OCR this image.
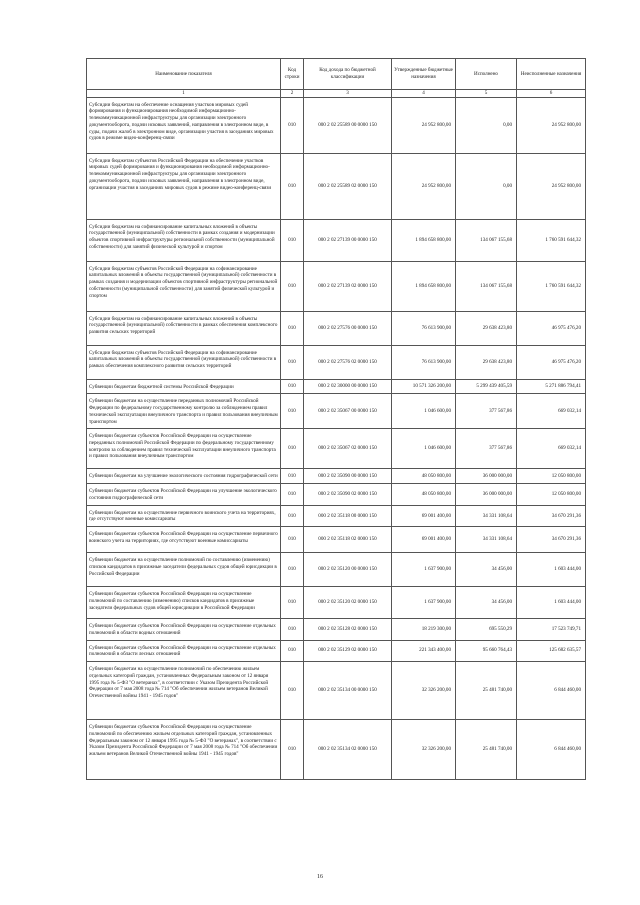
Наименование показателя	Код строки	Код дохода по бюджетной классификации	Утвержденные бюджетные назначения	Исполнено	Неисполненные назначения
1	2	3	4	5	6
Субсидии бюджетам на обеспечение оснащения участков мировых судей формирования и функционирования необходимой информационно-телекоммуникационной инфраструктуры для организации электронного документооборота, подачи исковых заявлений, направления в электронном виде, в суды, подачи жалоб в электронном виде, организации участия в заседаниях мировых судов в режиме видео-конференц-связи	010	000 2 02 25589 00 0000 150	24 952 800,00	0,00	24 952 800,00
Субсидии бюджетам субъектов Российской Федерации на обеспечение участков мировых судей формирования и функционирования необходимой информационно-телекоммуникационной инфраструктуры для организации электронного документооборота, подачи исковых заявлений, направления в электронном виде, организации участия в заседаниях мировых судов в режиме видео-конференц-связи	010	000 2 02 25589 02 0000 150	24 952 800,00	0,00	24 952 800,00
Субсидии бюджетам на софинансирование капитальных вложений в объекты государственной (муниципальной) собственности в рамках создания и модернизации объектов спортивной инфраструктуры региональной собственности (муниципальной собственности) для занятий физической культурой и спортом	010	000 2 02 27139 00 0000 150	1 894 658 800,00	134 067 155,68	1 760 591 644,32
Субсидии бюджетам субъектов Российской Федерации на софинансирование капитальных вложений в объекты государственной (муниципальной) собственности в рамках создания и модернизации объектов спортивной инфраструктуры региональной собственности (муниципальной собственности) для занятий физической культурой и спортом	010	000 2 02 27139 02 0000 150	1 894 658 800,00	134 067 155,68	1 760 591 644,32
Субсидии бюджетам на софинансирование капитальных вложений в объекты государственной (муниципальной) собственности в рамках обеспечения комплексного развития сельских территорий	010	000 2 02 27576 00 0000 150	76 613 900,00	29 638 423,80	46 975 476,20
Субсидии бюджетам субъектов Российской Федерации на софинансирование капитальных вложений в объекты государственной (муниципальной) собственности в рамках обеспечения комплексного развития сельских территорий	010	000 2 02 27576 02 0000 150	76 613 900,00	29 638 423,80	46 975 476,20
Субвенции бюджетам бюджетной системы Российской Федерации	010	000 2 02 30000 00 0000 150	10 571 326 200,00	5 299 439 405,59	5 271 886 794,41
Субвенции бюджетам на осуществление переданных полномочий Российской Федерации по федеральному государственному контролю за соблюдением правил технической эксплуатации внеуличного транспорта и правил пользования внеуличным транспортом	010	000 2 02 35067 00 0000 150	1 046 600,00	377 567,86	669 032,14
Субвенции бюджетам субъектов Российской Федерации на осуществление переданных полномочий Российской Федерации по федеральному государственному контролю за соблюдением правил технической эксплуатации внеуличного транспорта и правил пользования внеуличным транспортом	010	000 2 02 35067 02 0000 150	1 046 600,00	377 567,86	669 032,14
Субвенции бюджетам на улучшение экологического состояния гидрографической сети	010	000 2 02 35090 00 0000 150	48 050 800,00	36 000 000,00	12 050 800,00
Субвенции бюджетам субъектов Российской Федерации на улучшение экологического состояния гидрографической сети	010	000 2 02 35090 02 0000 150	48 050 800,00	36 000 000,00	12 050 800,00
Субвенции бюджетам на осуществление первичного воинского учета на территориях, где отсутствуют военные комиссариаты	010	000 2 02 35118 00 0000 150	69 001 400,00	34 331 108,64	34 670 291,36
Субвенции бюджетам субъектов Российской Федерации на осуществление первичного воинского учета на территориях, где отсутствуют военные комиссариаты	010	000 2 02 35118 02 0000 150	69 001 400,00	34 331 108,64	34 670 291,36
Субвенции бюджетам на осуществление полномочий по составлению (изменению) списков кандидатов в присяжные заседатели федеральных судов общей юрисдикции в Российской Федерации	010	000 2 02 35120 00 0000 150	1 637 900,00	34 456,00	1 603 444,00
Субвенции бюджетам субъектов Российской Федерации на осуществление полномочий по составлению (изменению) списков кандидатов в присяжные заседатели федеральных судов общей юрисдикции в Российской Федерации	010	000 2 02 35120 02 0000 150	1 637 900,00	34 456,00	1 603 444,00
Субвенции бюджетам субъектов Российской Федерации на осуществление отдельных полномочий в области водных отношений	010	000 2 02 35128 02 0000 150	18 219 300,00	695 550,29	17 523 749,71
Субвенции бюджетам субъектов Российской Федерации на осуществление отдельных полномочий в области лесных отношений	010	000 2 02 35129 02 0000 150	221 343 400,00	95 660 764,43	125 682 635,57
Субвенции бюджетам на осуществление полномочий по обеспечению жильем отдельных категорий граждан, установленных Федеральным законом от 12 января 1995 года № 5-ФЗ "О ветеранах", в соответствии с Указом Президента Российской Федерации от 7 мая 2008 года № 714 "Об обеспечении жильем ветеранов Великой Отечественной войны 1941 - 1945 годов"	010	000 2 02 35134 00 0000 150	32 326 200,00	25 481 740,00	6 844 460,00
Субвенции бюджетам субъектов Российской Федерации на осуществление полномочий по обеспечению жильем отдельных категорий граждан, установленных Федеральным законом от 12 января 1995 года № 5-ФЗ "О ветеранах", в соответствии с Указом Президента Российской Федерации от 7 мая 2008 года № 714 "Об обеспечении жильем ветеранов Великой Отечественной войны 1941 - 1945 годов"	010	000 2 02 35134 02 0000 150	32 326 200,00	25 481 740,00	6 844 460,00
16
